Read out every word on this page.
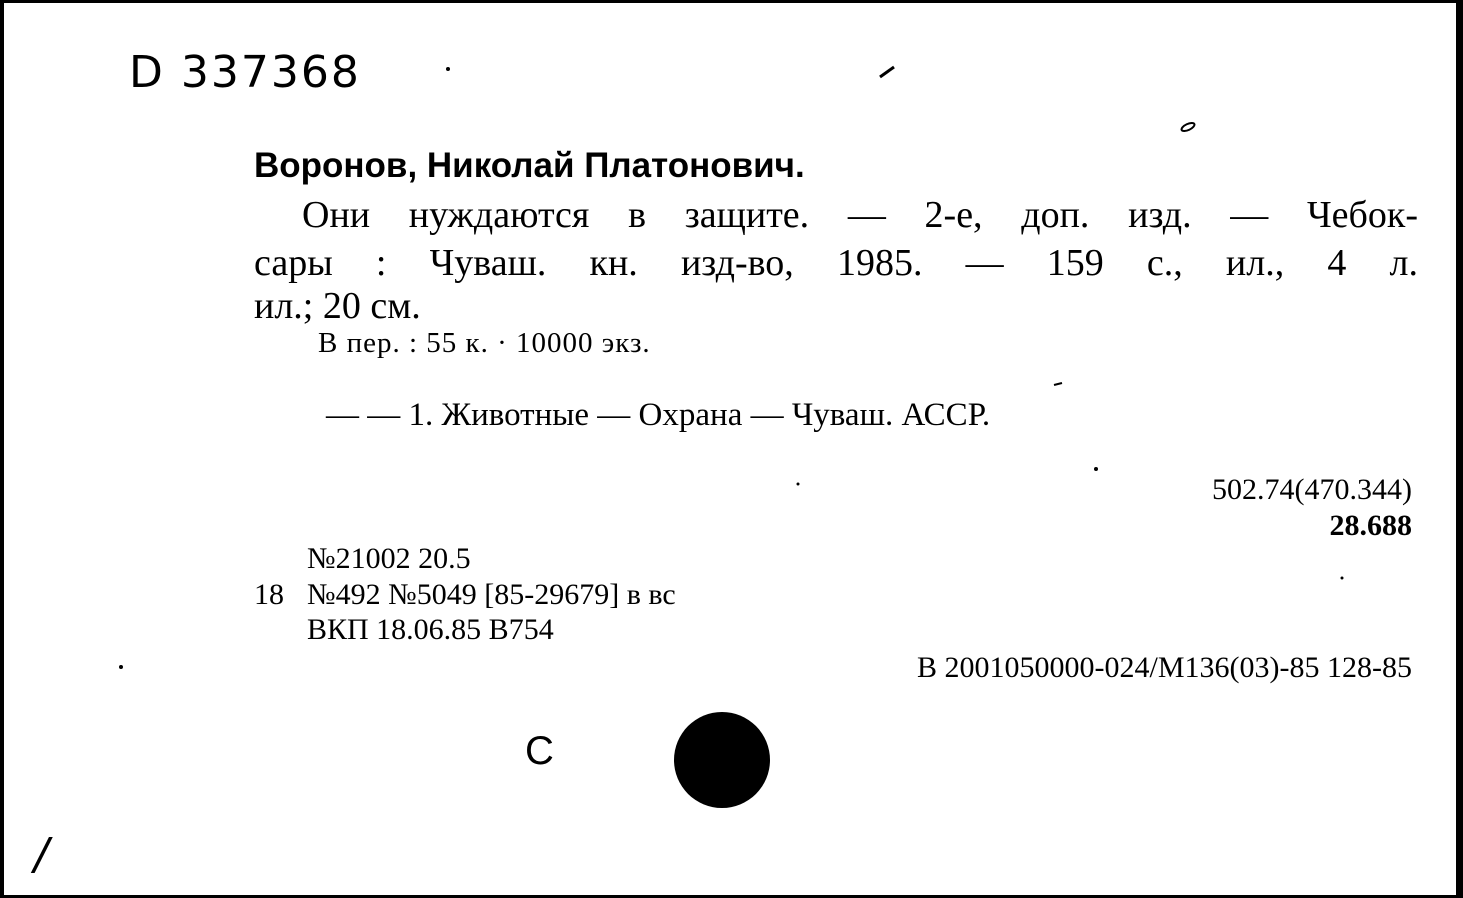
D 337368
Воронов, Николай Платонович.
Они нуждаются в защите. — 2-е, доп. изд. — Чебок-
сары : Чуваш. кн. изд-во, 1985. — 159 с., ил., 4 л.
ил.; 20 см.
В пер. : 55 к. · 10000 экз.
— — 1. Животные — Охрана — Чуваш. АССР.
502.74(470.344)
28.688
№21002 20.5
18 №492 №5049 [85-29679] в вс
ВКП 18.06.85 В754
В 2001050000-024/М136(03)-85 128-85
С
/
